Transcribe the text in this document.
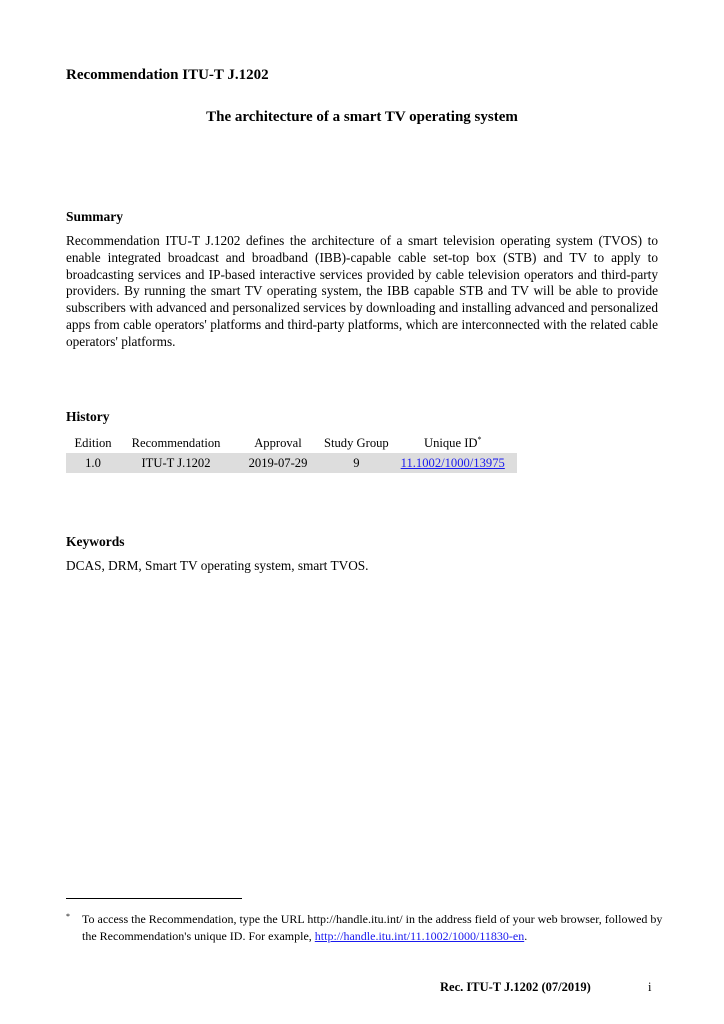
Recommendation ITU-T J.1202
The architecture of a smart TV operating system
Summary
Recommendation ITU-T J.1202 defines the architecture of a smart television operating system (TVOS) to enable integrated broadcast and broadband (IBB)-capable cable set-top box (STB) and TV to apply to broadcasting services and IP-based interactive services provided by cable television operators and third-party providers. By running the smart TV operating system, the IBB capable STB and TV will be able to provide subscribers with advanced and personalized services by downloading and installing advanced and personalized apps from cable operators' platforms and third-party platforms, which are interconnected with the related cable operators' platforms.
History
Edition	Recommendation	Approval	Study Group	Unique ID*
1.0	ITU-T J.1202	2019-07-29	9	11.1002/1000/13975
Keywords
DCAS, DRM, Smart TV operating system, smart TVOS.
* To access the Recommendation, type the URL http://handle.itu.int/ in the address field of your web browser, followed by the Recommendation's unique ID. For example, http://handle.itu.int/11.1002/1000/11830-en.
Rec. ITU-T J.1202 (07/2019)	i
